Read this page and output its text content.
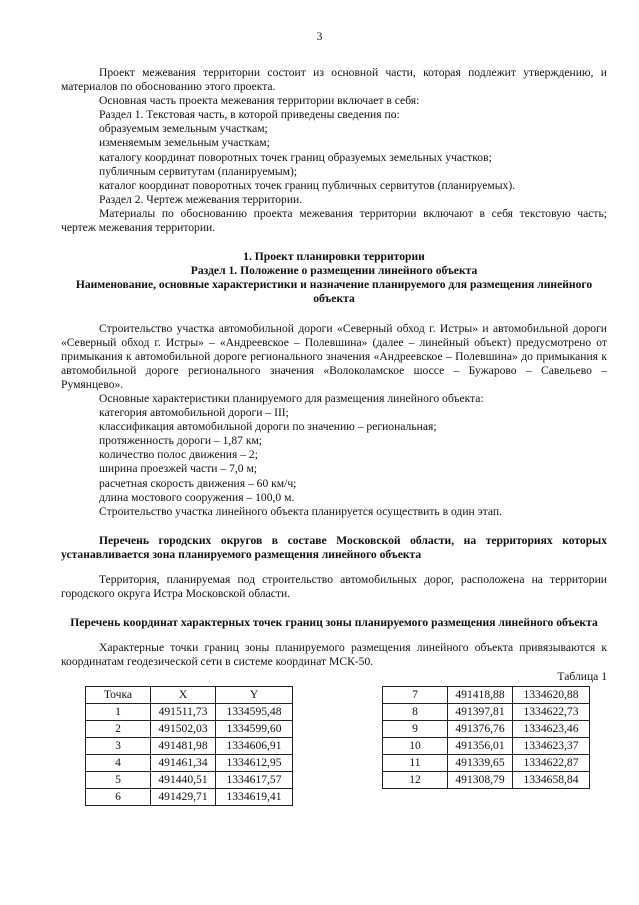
3

Проект межевания территории состоит из основной части, которая подлежит утверждению, и материалов по обоснованию этого проекта.

Основная часть проекта межевания территории включает в себя:

Раздел 1. Текстовая часть, в которой приведены сведения по:

образуемым земельным участкам;

изменяемым земельным участкам;

каталогу координат поворотных точек границ образуемых земельных участков;

публичным сервитутам (планируемым);

каталог координат поворотных точек границ публичных сервитутов (планируемых).

Раздел 2. Чертеж межевания территории.

Материалы по обоснованию проекта межевания территории включают в себя текстовую часть; чертеж межевания территории.

1. Проект планировки территории

Раздел 1. Положение о размещении линейного объекта

Наименование, основные характеристики и назначение планируемого для размещения линейного объекта

Строительство участка автомобильной дороги «Северный обход г. Истры» и автомобильной дороги «Северный обход г. Истры» – «Андреевское – Полевшина» (далее – линейный объект) предусмотрено от примыкания к автомобильной дороге регионального значения «Андреевское – Полевшина» до примыкания к автомобильной дороге регионального значения «Волоколамское шоссе – Бужарово – Савельево – Румянцево».

Основные характеристики планируемого для размещения линейного объекта:

категория автомобильной дороги – III;

классификация автомобильной дороги по значению – региональная;

протяженность дороги – 1,87 км;

количество полос движения – 2;

ширина проезжей части – 7,0 м;

расчетная скорость движения – 60 км/ч;

длина мостового сооружения – 100,0 м.

Строительство участка линейного объекта планируется осуществить в один этап.

Перечень городских округов в составе Московской области, на территориях которых устанавливается зона планируемого размещения линейного объекта

Территория, планируемая под строительство автомобильных дорог, расположена на территории городского округа Истра Московской области.

Перечень координат характерных точек границ зоны планируемого размещения линейного объекта

Характерные точки границ зоны планируемого размещения линейного объекта привязываются к координатам геодезической сети в системе координат МСК-50.

Таблица 1

Точка	X	Y
1	491511,73	1334595,48
2	491502,03	1334599,60
3	491481,98	1334606,91
4	491461,34	1334612,95
5	491440,51	1334617,57
6	491429,71	1334619,41
7	491418,88	1334620,88
8	491397,81	1334622,73
9	491376,76	1334623,46
10	491356,01	1334623,37
11	491339,65	1334622,87
12	491308,79	1334658,84
